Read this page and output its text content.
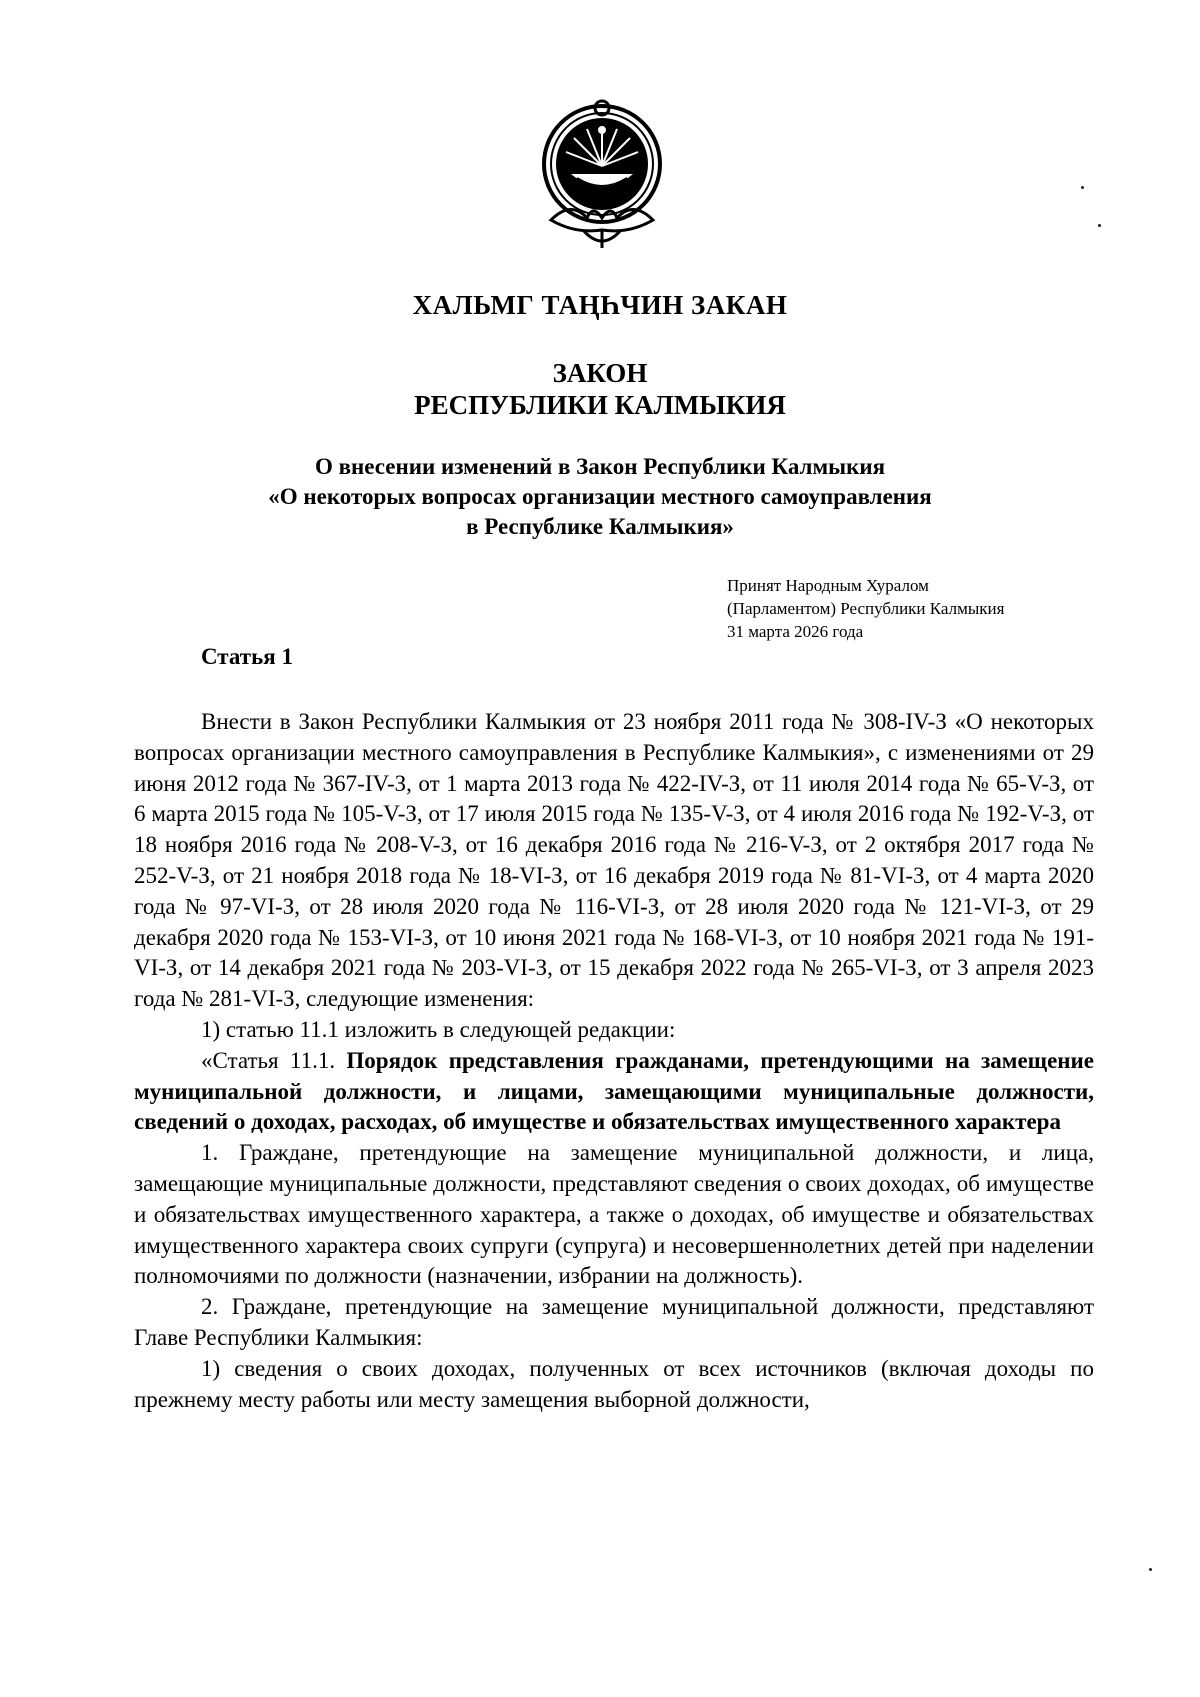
ХАЛЬМГ ТАҢҺЧИН ЗАКАН
ЗАКОН
РЕСПУБЛИКИ КАЛМЫКИЯ
О внесении изменений в Закон Республики Калмыкия
«О некоторых вопросах организации местного самоуправления
в Республике Калмыкия»
Принят Народным Хуралом
(Парламентом) Республики Калмыкия
31 марта 2026 года
Статья 1

Внести в Закон Республики Калмыкия от 23 ноября 2011 года № 308-IV-З «О некоторых вопросах организации местного самоуправления в Республике Калмыкия», с изменениями от 29 июня 2012 года № 367-IV-З, от 1 марта 2013 года № 422-IV-З, от 11 июля 2014 года № 65-V-З, от 6 марта 2015 года № 105-V-З, от 17 июля 2015 года № 135-V-З, от 4 июля 2016 года № 192-V-З, от 18 ноября 2016 года № 208-V-З, от 16 декабря 2016 года № 216-V-З, от 2 октября 2017 года № 252-V-З, от 21 ноября 2018 года № 18-VI-З, от 16 декабря 2019 года № 81-VI-З, от 4 марта 2020 года № 97-VI-З, от 28 июля 2020 года № 116-VI-З, от 28 июля 2020 года № 121-VI-З, от 29 декабря 2020 года № 153-VI-З, от 10 июня 2021 года № 168-VI-З, от 10 ноября 2021 года № 191-VI-З, от 14 декабря 2021 года № 203-VI-З, от 15 декабря 2022 года № 265-VI-З, от 3 апреля 2023 года № 281-VI-З, следующие изменения:

1) статью 11.1 изложить в следующей редакции:

«Статья 11.1. Порядок представления гражданами, претендующими на замещение муниципальной должности, и лицами, замещающими муниципальные должности, сведений о доходах, расходах, об имуществе и обязательствах имущественного характера

1. Граждане, претендующие на замещение муниципальной должности, и лица, замещающие муниципальные должности, представляют сведения о своих доходах, об имуществе и обязательствах имущественного характера, а также о доходах, об имуществе и обязательствах имущественного характера своих супруги (супруга) и несовершеннолетних детей при наделении полномочиями по должности (назначении, избрании на должность).

2. Граждане, претендующие на замещение муниципальной должности, представляют Главе Республики Калмыкия:

1) сведения о своих доходах, полученных от всех источников (включая доходы по прежнему месту работы или месту замещения выборной должности,
